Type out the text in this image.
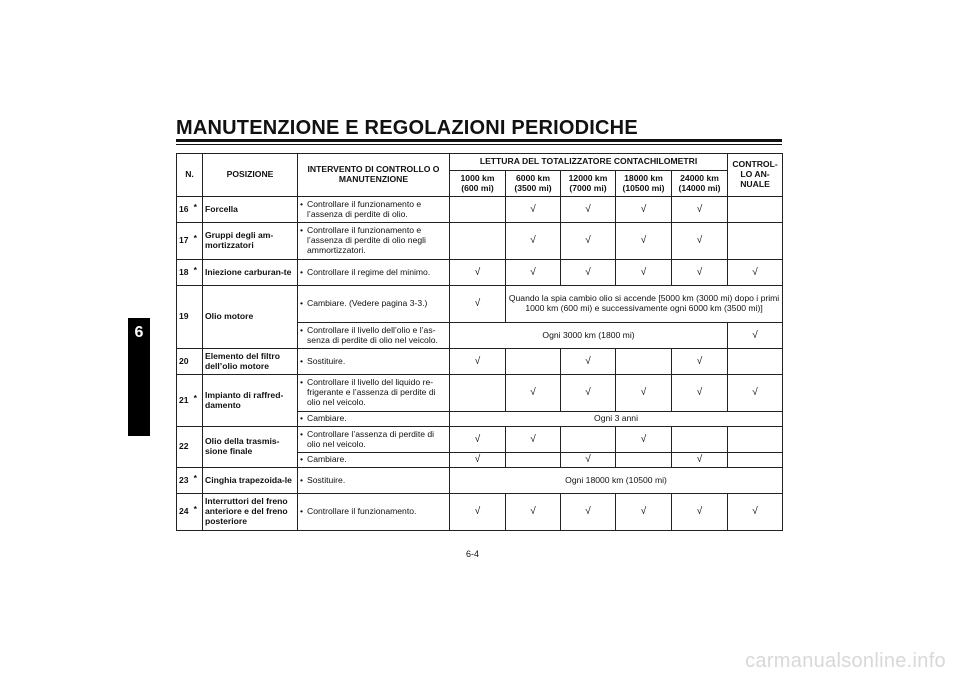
MANUTENZIONE E REGOLAZIONI PERIODICHE
6
N.	POSIZIONE	INTERVENTO DI CONTROLLO O MANUTENZIONE	LETTURA DEL TOTALIZZATORE CONTACHILOMETRI					CONTROL-LO AN-NUALE
			1000 km (600 mi)	6000 km (3500 mi)	12000 km (7000 mi)	18000 km (10500 mi)	24000 km (14000 mi)	
16 *	Forcella	• Controllare il funzionamento e l’assenza di perdite di olio.		√	√	√	√	
17 *	Gruppi degli am-mortizzatori	• Controllare il funzionamento e l’assenza di perdite di olio negli ammortizzatori.		√	√	√	√	
18 *	Iniezione carburan-te	• Controllare il regime del minimo.	√	√	√	√	√	√
19	Olio motore	• Cambiare. (Vedere pagina 3-3.)	√	Quando la spia cambio olio si accende [5000 km (3000 mi) dopo i primi 1000 km (600 mi) e successivamente ogni 6000 km (3500 mi)]				

		• Controllare il livello dell’olio e l’as-senza di perdite di olio nel veicolo.	Ogni 3000 km (1800 mi)					√
20	Elemento del filtro dell’olio motore	• Sostituire.	√		√		√	
21 *	Impianto di raffred-damento	• Controllare il livello del liquido re-frigerante e l’assenza di perdite di olio nel veicolo.		√	√	√	√	√

		• Cambiare.	Ogni 3 anni					
22	Olio della trasmis-sione finale	• Controllare l’assenza di perdite di olio nel veicolo.	√	√		√		

		• Cambiare.	√		√		√	
23 *	Cinghia trapezoida-le	• Sostituire.	Ogni 18000 km (10500 mi)					
24 *	Interruttori del freno anteriore e del freno posteriore	• Controllare il funzionamento.	√	√	√	√	√	√
6-4
carmanualsonline.info
